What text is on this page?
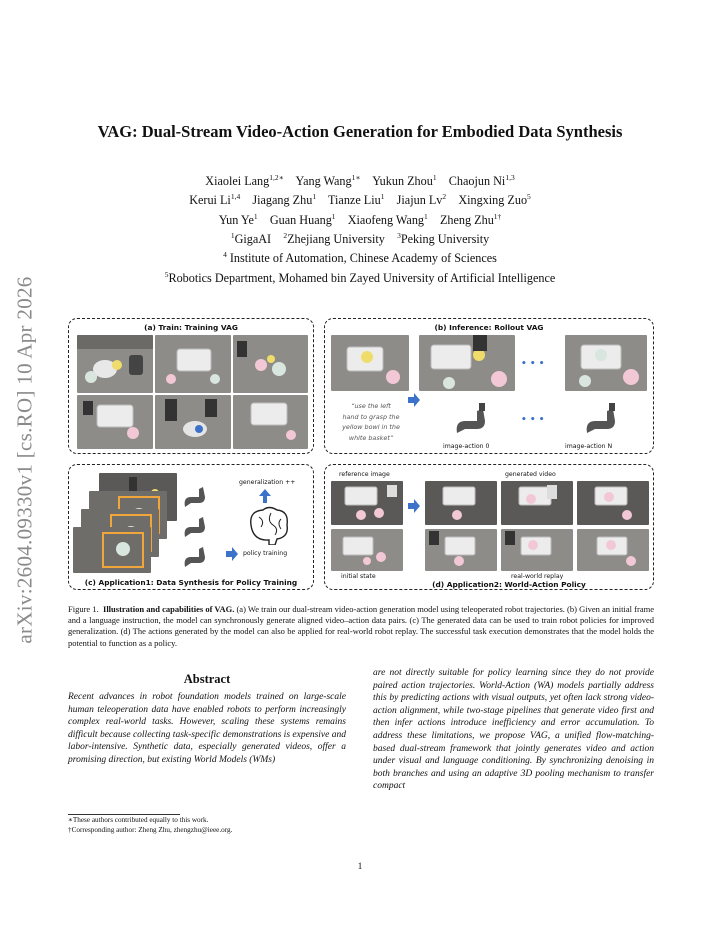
arXiv:2604.09330v1 [cs.RO] 10 Apr 2026
VAG: Dual-Stream Video-Action Generation for Embodied Data Synthesis
Xiaolei Lang$^{1,2∗}$ Yang Wang$^{1∗}$ Yukun Zhou$^1$ Chaojun Ni$^{1,3}$
Kerui Li$^{1,4}$ Jiagang Zhu$^1$ Tianze Liu$^1$ Jiajun Lv$^2$ Xingxing Zuo$^5$
Yun Ye$^1$ Guan Huang$^1$ Xiaofeng Wang$^1$ Zheng Zhu$^{1\dagger}$
$^1$GigaAI $^2$Zhejiang University $^3$Peking University
$^4$ Institute of Automation, Chinese Academy of Sciences
$^5$Robotics Department, Mohamed bin Zayed University of Artificial Intelligence
(a) Train: Training VAG	(b) Inference: Rollout VAG
• • •
“use the left
hand to grasp the
yellow bowl in the
white basket”
image-action 0
• • •
image-action N
generalization ++
policy training
(c) Application1: Data Synthesis for Policy Training
reference image	generated video
initial state	real-world replay
(d) Application2: World-Action Policy
Figure 1. Illustration and capabilities of VAG. (a) We train our dual-stream video-action generation model using teleoperated robot trajectories. (b) Given an initial frame and a language instruction, the model can synchronously generate aligned video–action data pairs. (c) The generated data can be used to train robot policies for improved generalization. (d) The actions generated by the model can also be applied for real-world robot replay. The successful task execution demonstrates that the model holds the potential to function as a policy.
Abstract
Recent advances in robot foundation models trained on large-scale human teleoperation data have enabled robots to perform increasingly complex real-world tasks. However, scaling these systems remains difficult because collecting task-specific demonstrations is expensive and labor-intensive. Synthetic data, especially generated videos, offer a promising direction, but existing World Models (WMs)
are not directly suitable for policy learning since they do not provide paired action trajectories. World-Action (WA) models partially address this by predicting actions with visual outputs, yet often lack strong video-action alignment, while two-stage pipelines that generate video first and then infer actions introduce inefficiency and error accumulation. To address these limitations, we propose VAG, a unified flow-matching-based dual-stream framework that jointly generates video and action under visual and language conditioning. By synchronizing denoising in both branches and using an adaptive 3D pooling mechanism to transfer compact
∗These authors contributed equally to this work.
†Corresponding author: Zheng Zhu, zhengzhu@ieee.org.
1
